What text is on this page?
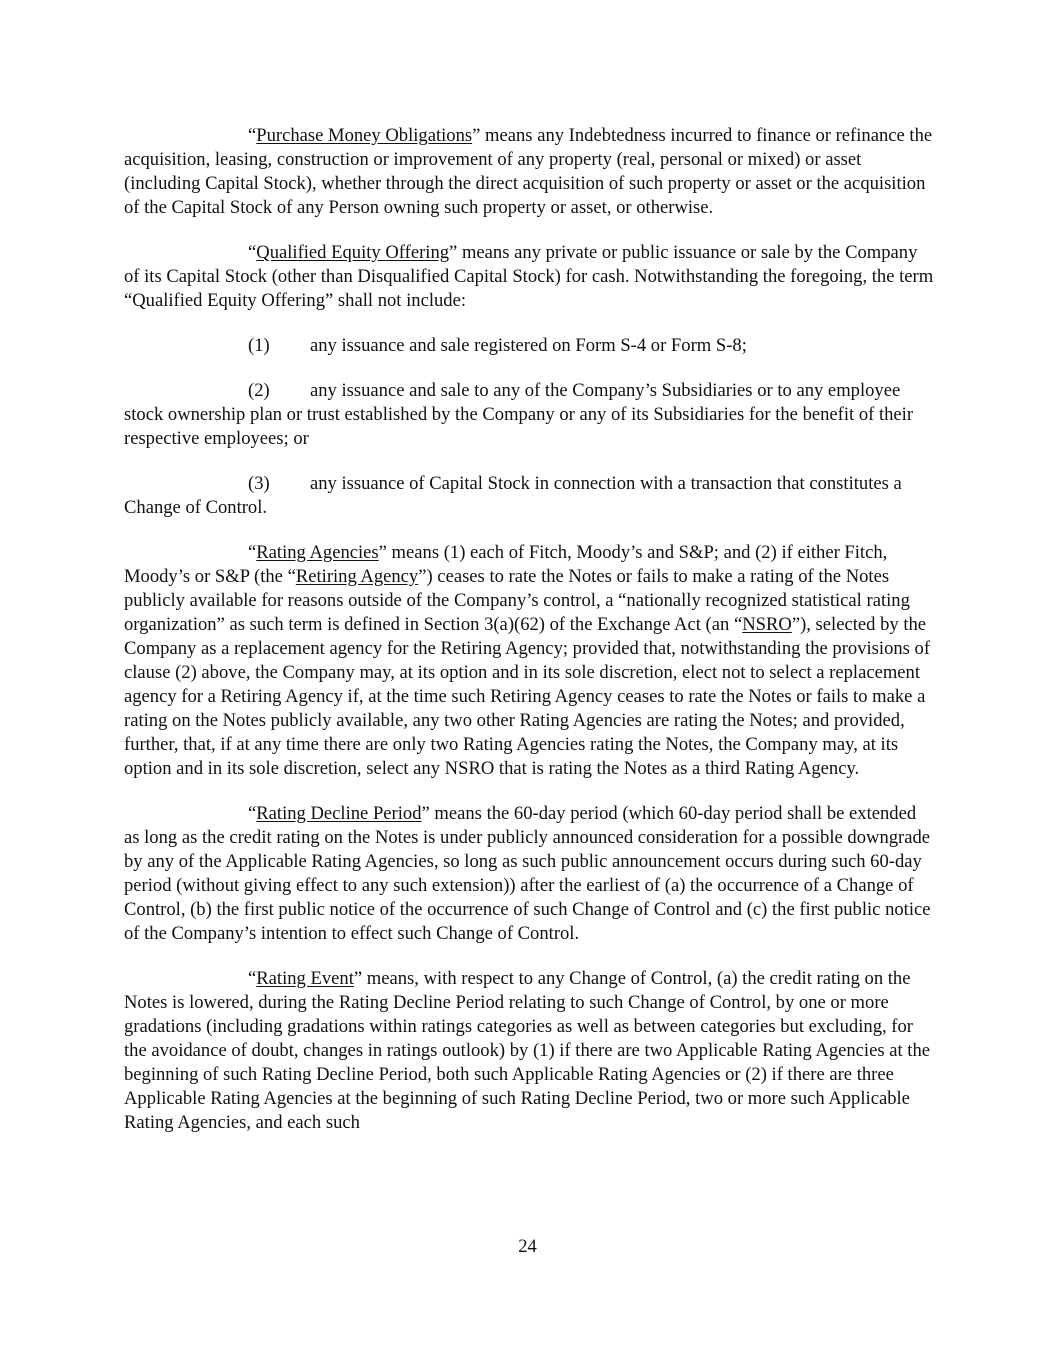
“Purchase Money Obligations” means any Indebtedness incurred to finance or refinance the acquisition, leasing, construction or improvement of any property (real, personal or mixed) or asset (including Capital Stock), whether through the direct acquisition of such property or asset or the acquisition of the Capital Stock of any Person owning such property or asset, or otherwise.

“Qualified Equity Offering” means any private or public issuance or sale by the Company of its Capital Stock (other than Disqualified Capital Stock) for cash. Notwithstanding the foregoing, the term “Qualified Equity Offering” shall not include:

(1) any issuance and sale registered on Form S-4 or Form S-8;

(2) any issuance and sale to any of the Company’s Subsidiaries or to any employee stock ownership plan or trust established by the Company or any of its Subsidiaries for the benefit of their respective employees; or

(3) any issuance of Capital Stock in connection with a transaction that constitutes a Change of Control.

“Rating Agencies” means (1) each of Fitch, Moody’s and S&P; and (2) if either Fitch, Moody’s or S&P (the “Retiring Agency”) ceases to rate the Notes or fails to make a rating of the Notes publicly available for reasons outside of the Company’s control, a “nationally recognized statistical rating organization” as such term is defined in Section 3(a)(62) of the Exchange Act (an “NSRO”), selected by the Company as a replacement agency for the Retiring Agency; provided that, notwithstanding the provisions of clause (2) above, the Company may, at its option and in its sole discretion, elect not to select a replacement agency for a Retiring Agency if, at the time such Retiring Agency ceases to rate the Notes or fails to make a rating on the Notes publicly available, any two other Rating Agencies are rating the Notes; and provided, further, that, if at any time there are only two Rating Agencies rating the Notes, the Company may, at its option and in its sole discretion, select any NSRO that is rating the Notes as a third Rating Agency.

“Rating Decline Period” means the 60-day period (which 60-day period shall be extended as long as the credit rating on the Notes is under publicly announced consideration for a possible downgrade by any of the Applicable Rating Agencies, so long as such public announcement occurs during such 60-day period (without giving effect to any such extension)) after the earliest of (a) the occurrence of a Change of Control, (b) the first public notice of the occurrence of such Change of Control and (c) the first public notice of the Company’s intention to effect such Change of Control.

“Rating Event” means, with respect to any Change of Control, (a) the credit rating on the Notes is lowered, during the Rating Decline Period relating to such Change of Control, by one or more gradations (including gradations within ratings categories as well as between categories but excluding, for the avoidance of doubt, changes in ratings outlook) by (1) if there are two Applicable Rating Agencies at the beginning of such Rating Decline Period, both such Applicable Rating Agencies or (2) if there are three Applicable Rating Agencies at the beginning of such Rating Decline Period, two or more such Applicable Rating Agencies, and each such

24
